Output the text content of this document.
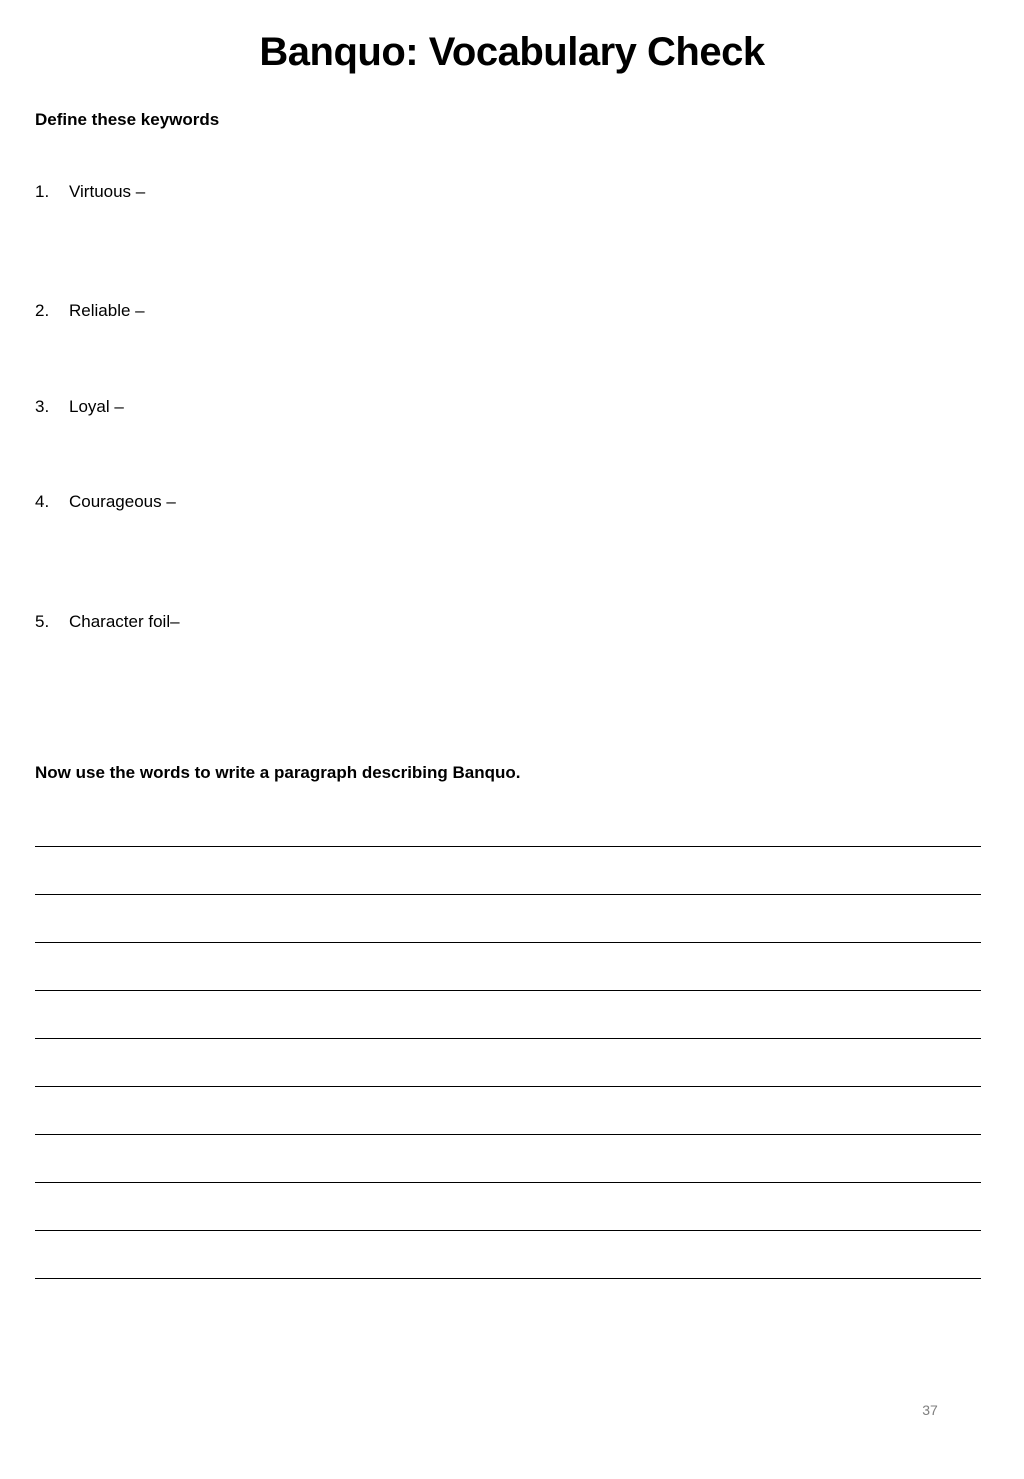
Banquo: Vocabulary Check
Define these keywords
1. Virtuous –
2. Reliable –
3. Loyal –
4. Courageous –
5. Character foil–
Now use the words to write a paragraph describing Banquo.
37
